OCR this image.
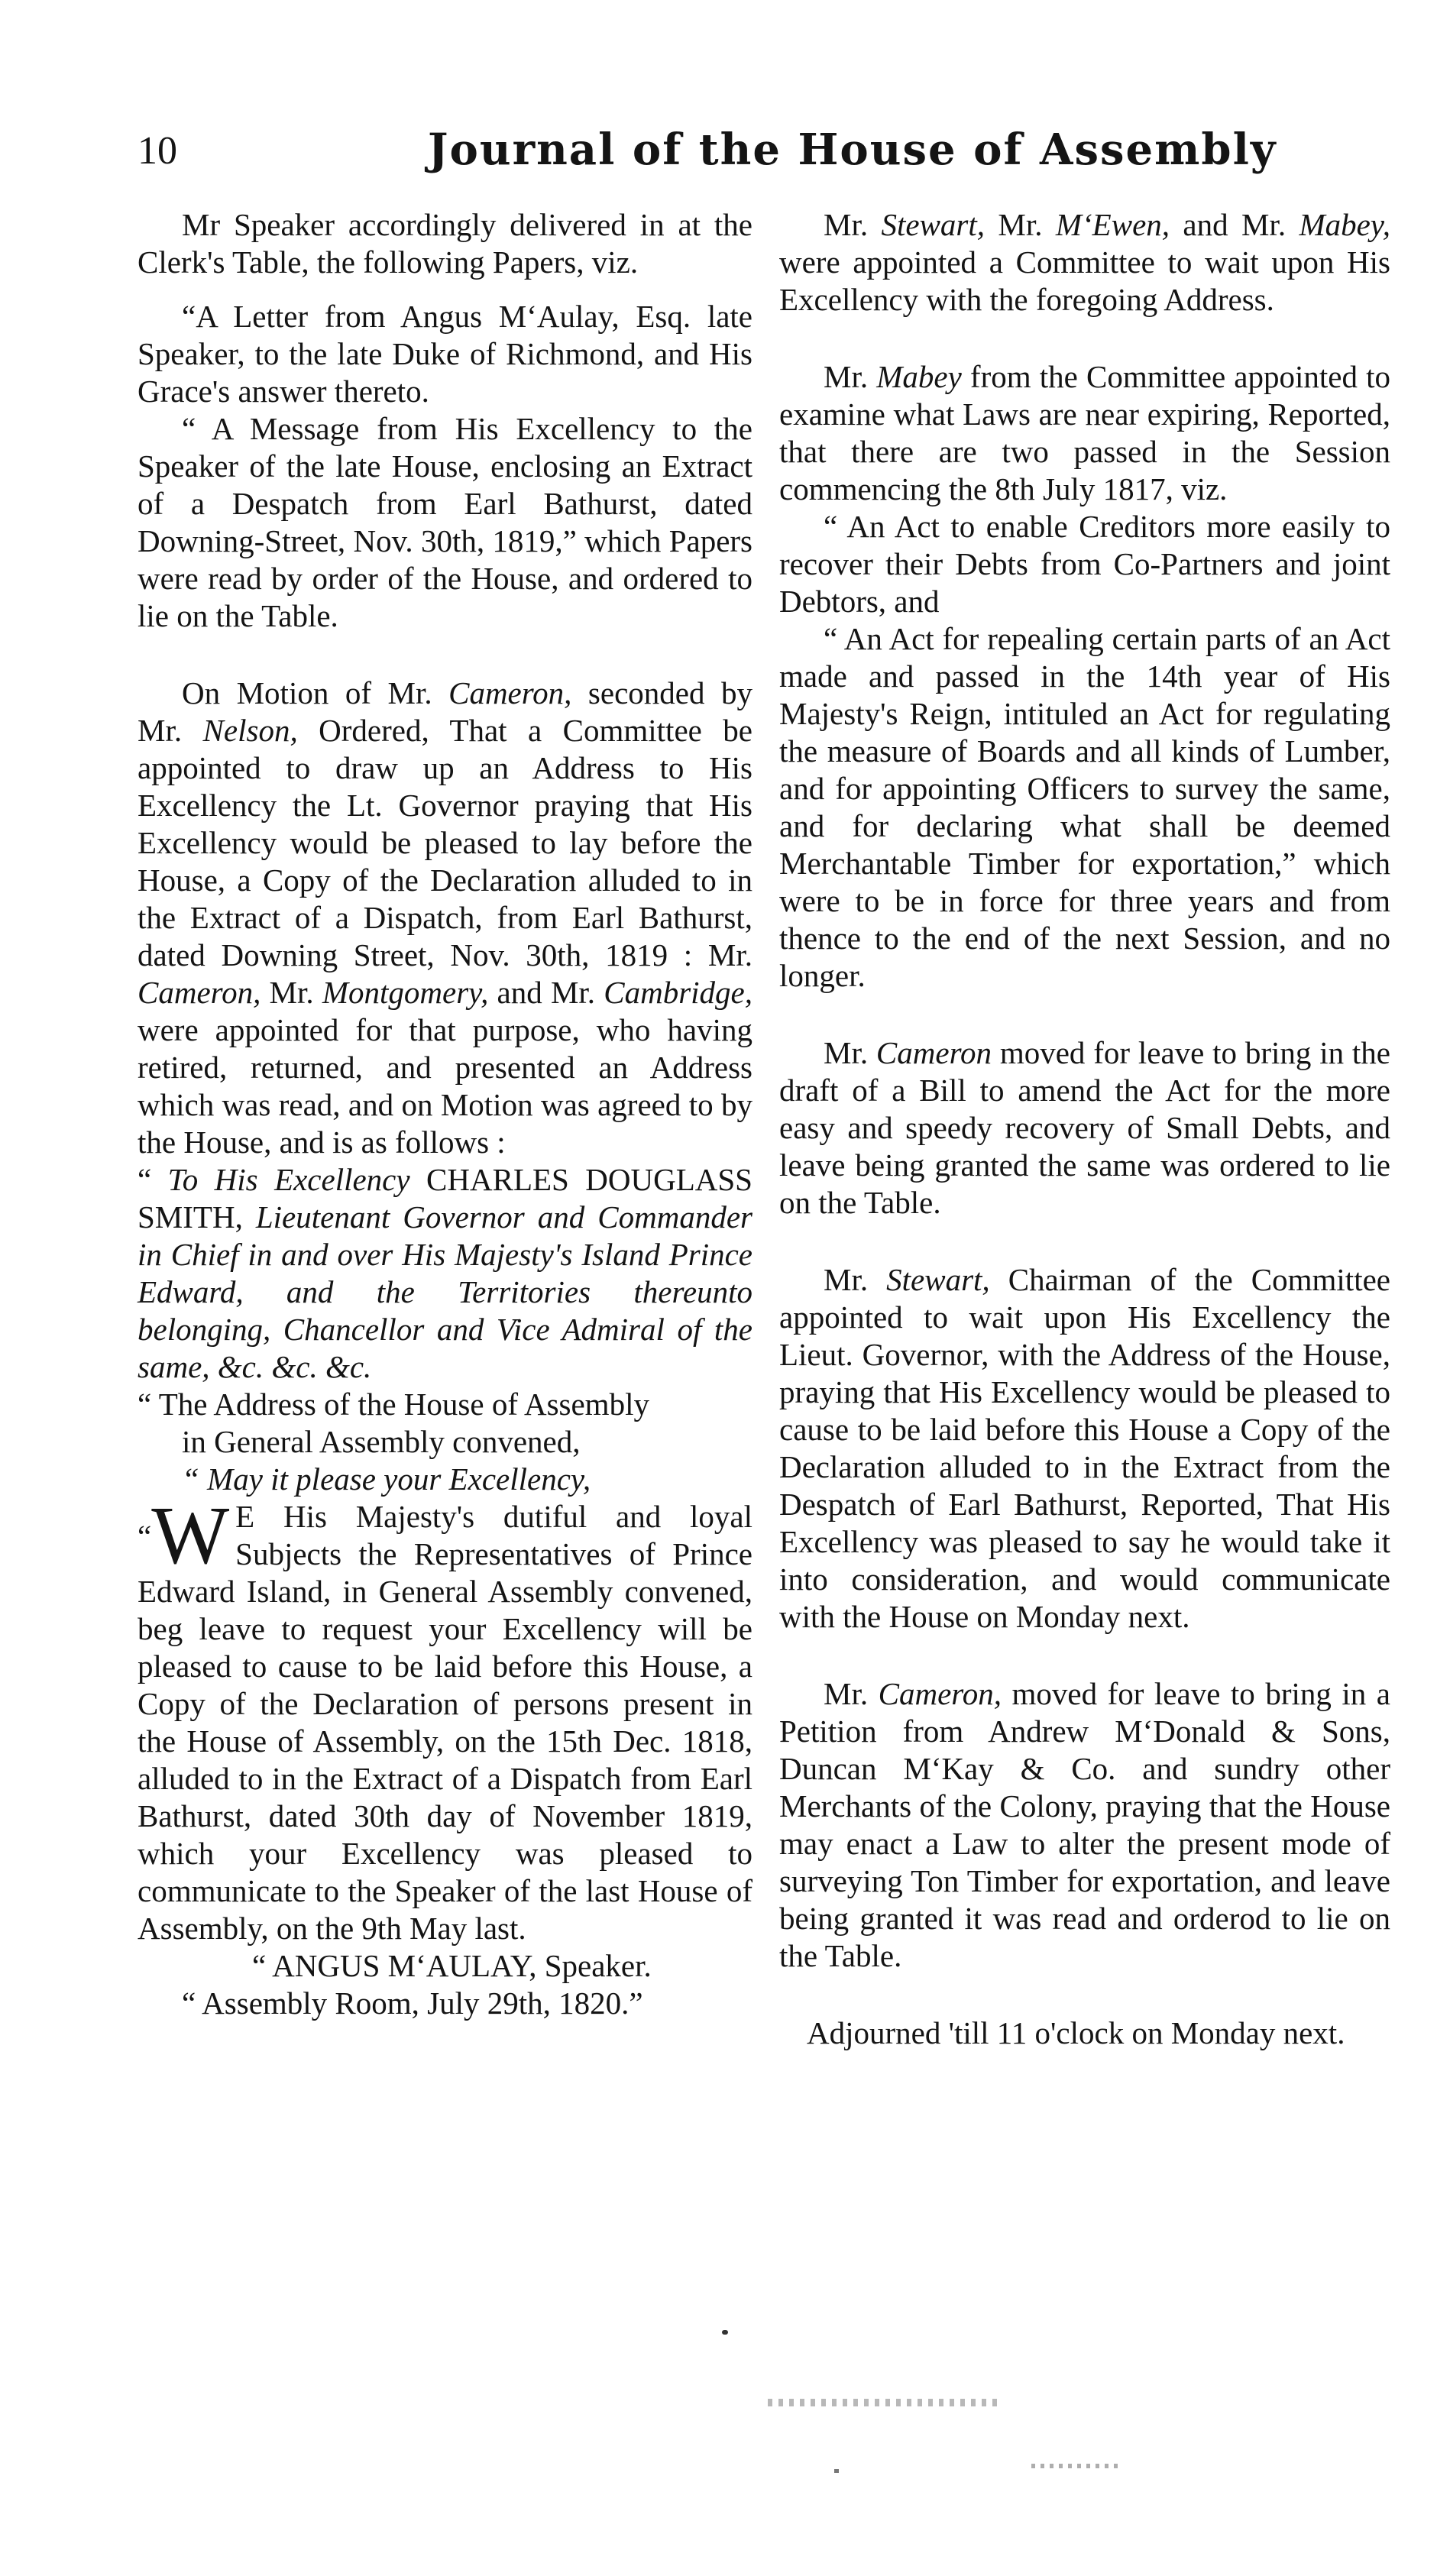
10	Journal of the House of Assembly

Mr Speaker accordingly delivered in at the Clerk's Table, the following Papers, viz.

“A Letter from Angus M‘Aulay, Esq. late Speaker, to the late Duke of Richmond, and His Grace's answer thereto.

“ A Message from His Excellency to the Speaker of the late House, enclosing an Extract of a Despatch from Earl Bathurst, dated Downing-Street, Nov. 30th, 1819,” which Papers were read by order of the House, and ordered to lie on the Table.

On Motion of Mr. Cameron, seconded by Mr. Nelson, Ordered, That a Committee be appointed to draw up an Address to His Excellency the Lt. Governor praying that His Excellency would be pleased to lay before the House, a Copy of the Declaration alluded to in the Extract of a Dispatch, from Earl Bathurst, dated Downing Street, Nov. 30th, 1819 : Mr. Cameron, Mr. Montgomery, and Mr. Cambridge, were appointed for that purpose, who having retired, returned, and presented an Address which was read, and on Motion was agreed to by the House, and is as follows :

“ To His Excellency CHARLES DOUGLASS SMITH, Lieutenant Governor and Commander in Chief in and over His Majesty's Island Prince Edward, and the Territories thereunto belonging, Chancellor and Vice Admiral of the same, &c. &c. &c.

“ The Address of the House of Assembly

in General Assembly convened,

“ May it please your Excellency,

“W E His Majesty's dutiful and loyal Subjects the Representatives of Prince Edward Island, in General Assembly convened, beg leave to request your Excellency will be pleased to cause to be laid before this House, a Copy of the Declaration of persons present in the House of Assembly, on the 15th Dec. 1818, alluded to in the Extract of a Dispatch from Earl Bathurst, dated 30th day of November 1819, which your Excellency was pleased to communicate to the Speaker of the last House of Assembly, on the 9th May last.

“ ANGUS M‘AULAY, Speaker.

“ Assembly Room, July 29th, 1820.”

Mr. Stewart, Mr. M‘Ewen, and Mr. Mabey, were appointed a Committee to wait upon His Excellency with the foregoing Address.

Mr. Mabey from the Committee appointed to examine what Laws are near expiring, Reported, that there are two passed in the Session commencing the 8th July 1817, viz.

“ An Act to enable Creditors more easily to recover their Debts from Co-Partners and joint Debtors, and

“ An Act for repealing certain parts of an Act made and passed in the 14th year of His Majesty's Reign, intituled an Act for regulating the measure of Boards and all kinds of Lumber, and for appointing Officers to survey the same, and for declaring what shall be deemed Merchantable Timber for exportation,” which were to be in force for three years and from thence to the end of the next Session, and no longer.

Mr. Cameron moved for leave to bring in the draft of a Bill to amend the Act for the more easy and speedy recovery of Small Debts, and leave being granted the same was ordered to lie on the Table.

Mr. Stewart, Chairman of the Committee appointed to wait upon His Excellency the Lieut. Governor, with the Address of the House, praying that His Excellency would be pleased to cause to be laid before this House a Copy of the Declaration alluded to in the Extract from the Despatch of Earl Bathurst, Reported, That His Excellency was pleased to say he would take it into consideration, and would communicate with the House on Monday next.

Mr. Cameron, moved for leave to bring in a Petition from Andrew M‘Donald & Sons, Duncan M‘Kay & Co. and sundry other Merchants of the Colony, praying that the House may enact a Law to alter the present mode of surveying Ton Timber for exportation, and leave being granted it was read and orderod to lie on the Table.

Adjourned 'till 11 o'clock on Monday next.
